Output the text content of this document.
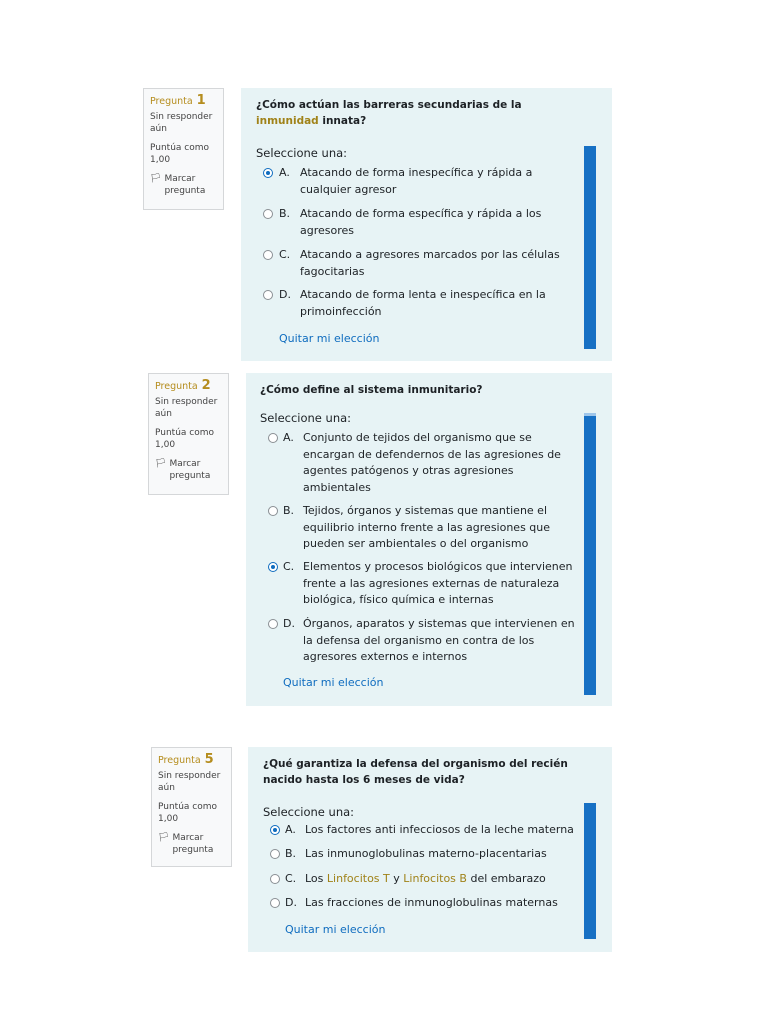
Pregunta 1
Sin responder aún
Puntúa como 1,00
🏳︎ Marcar pregunta
¿Cómo actúan las barreras secundarias de la inmunidad innata?
Seleccione una:
A. Atacando de forma inespecífica y rápida a cualquier agresor
B. Atacando de forma específica y rápida a los agresores
C. Atacando a agresores marcados por las células fagocitarias
D. Atacando de forma lenta e inespecífica en la primoinfección
Quitar mi elección
Pregunta 2
Sin responder aún
Puntúa como 1,00
🏳︎ Marcar pregunta
¿Cómo define al sistema inmunitario?
Seleccione una:
A. Conjunto de tejidos del organismo que se encargan de defendernos de las agresiones de agentes patógenos y otras agresiones ambientales
B. Tejidos, órganos y sistemas que mantiene el equilibrio interno frente a las agresiones que pueden ser ambientales o del organismo
C. Elementos y procesos biológicos que intervienen frente a las agresiones externas de naturaleza biológica, físico química e internas
D. Órganos, aparatos y sistemas que intervienen en la defensa del organismo en contra de los agresores externos e internos
Quitar mi elección
Pregunta 5
Sin responder aún
Puntúa como 1,00
🏳︎ Marcar pregunta
¿Qué garantiza la defensa del organismo del recién nacido hasta los 6 meses de vida?
Seleccione una:
A. Los factores anti infecciosos de la leche materna
B. Las inmunoglobulinas materno-placentarias
C. Los Linfocitos T y Linfocitos B del embarazo
D. Las fracciones de inmunoglobulinas maternas
Quitar mi elección
